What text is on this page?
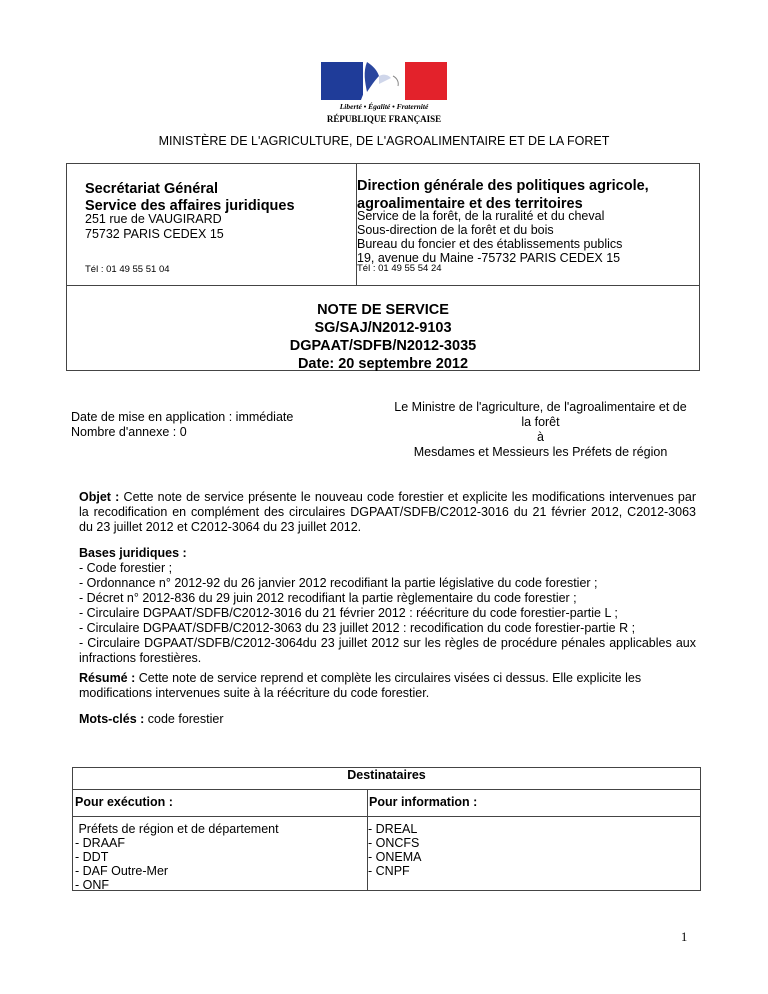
Liberté • Égalité • Fraternité
RÉPUBLIQUE FRANÇAISE
MINISTÈRE DE L'AGRICULTURE, DE L'AGROALIMENTAIRE ET DE LA FORET
Secrétariat Général
Service des affaires juridiques
251 rue de VAUGIRARD
75732 PARIS CEDEX 15
Tél : 01 49 55 51 04
Direction générale des politiques agricole,
agroalimentaire et des territoires
Service de la forêt, de la ruralité et du cheval
Sous-direction de la forêt et du bois
Bureau du foncier et des établissements publics
19, avenue du Maine -75732 PARIS CEDEX 15
Tél : 01 49 55 54 24
NOTE DE SERVICE
SG/SAJ/N2012-9103
DGPAAT/SDFB/N2012-3035
Date: 20 septembre 2012
Date de mise en application : immédiate
Nombre d'annexe : 0
Le Ministre de l'agriculture, de l'agroalimentaire et de
la forêt
à
Mesdames et Messieurs les Préfets de région
Objet : Cette note de service présente le nouveau code forestier et explicite les modifications intervenues par la recodification en complément des circulaires DGPAAT/SDFB/C2012-3016 du 21 février 2012, C2012-3063 du 23 juillet 2012 et C2012-3064 du 23 juillet 2012.
Bases juridiques :
- Code forestier ;
- Ordonnance n° 2012-92 du 26 janvier 2012 recodifiant la partie législative du code forestier ;
- Décret n° 2012-836 du 29 juin 2012 recodifiant la partie règlementaire du code forestier ;
- Circulaire DGPAAT/SDFB/C2012-3016 du 21 février 2012 : réécriture du code forestier-partie L ;
- Circulaire DGPAAT/SDFB/C2012-3063 du 23 juillet 2012 : recodification du code forestier-partie R ;
- Circulaire DGPAAT/SDFB/C2012-3064du 23 juillet 2012 sur les règles de procédure pénales applicables aux infractions forestières.
Résumé : Cette note de service reprend et complète les circulaires visées ci dessus. Elle explicite les modifications intervenues suite à la réécriture du code forestier.
Mots-clés : code forestier
Destinataires
Pour exécution :	Pour information :
Préfets de région et de département
- DRAAF
- DDT
- DAF Outre-Mer
- ONF
- DREAL
- ONCFS
- ONEMA
- CNPF
1
